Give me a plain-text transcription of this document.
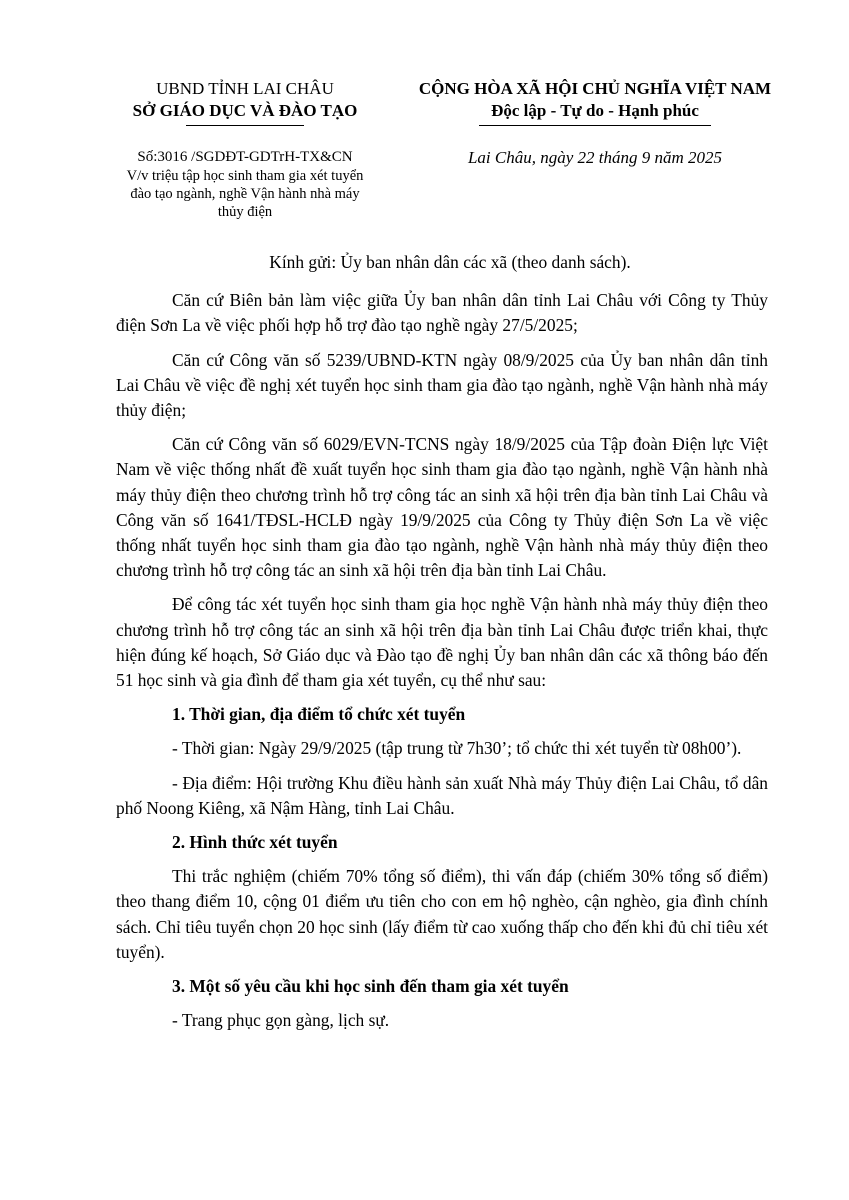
UBND TỈNH LAI CHÂU
SỞ GIÁO DỤC VÀ ĐÀO TẠO
CỘNG HÒA XÃ HỘI CHỦ NGHĨA VIỆT NAM
Độc lập - Tự do - Hạnh phúc
Số:3016 /SGDĐT-GDTrH-TX&CN
V/v triệu tập học sinh tham gia xét tuyển
đào tạo ngành, nghề Vận hành nhà máy
thủy điện
Lai Châu, ngày 22 tháng 9 năm 2025
Kính gửi: Ủy ban nhân dân các xã (theo danh sách).
Căn cứ Biên bản làm việc giữa Ủy ban nhân dân tỉnh Lai Châu với Công ty Thủy điện Sơn La về việc phối hợp hỗ trợ đào tạo nghề ngày 27/5/2025;
Căn cứ Công văn số 5239/UBND-KTN ngày 08/9/2025 của Ủy ban nhân dân tỉnh Lai Châu về việc đề nghị xét tuyển học sinh tham gia đào tạo ngành, nghề Vận hành nhà máy thủy điện;
Căn cứ Công văn số 6029/EVN-TCNS ngày 18/9/2025 của Tập đoàn Điện lực Việt Nam về việc thống nhất đề xuất tuyển học sinh tham gia đào tạo ngành, nghề Vận hành nhà máy thủy điện theo chương trình hỗ trợ công tác an sinh xã hội trên địa bàn tỉnh Lai Châu và Công văn số 1641/TĐSL-HCLĐ ngày 19/9/2025 của Công ty Thủy điện Sơn La về việc thống nhất tuyển học sinh tham gia đào tạo ngành, nghề Vận hành nhà máy thủy điện theo chương trình hỗ trợ công tác an sinh xã hội trên địa bàn tỉnh Lai Châu.
Để công tác xét tuyển học sinh tham gia học nghề Vận hành nhà máy thủy điện theo chương trình hỗ trợ công tác an sinh xã hội trên địa bàn tỉnh Lai Châu được triển khai, thực hiện đúng kế hoạch, Sở Giáo dục và Đào tạo đề nghị Ủy ban nhân dân các xã thông báo đến 51 học sinh và gia đình để tham gia xét tuyển, cụ thể như sau:
1. Thời gian, địa điểm tổ chức xét tuyển
- Thời gian: Ngày 29/9/2025 (tập trung từ 7h30’; tổ chức thi xét tuyển từ 08h00’).
- Địa điểm: Hội trường Khu điều hành sản xuất Nhà máy Thủy điện Lai Châu, tổ dân phố Noong Kiêng, xã Nậm Hàng, tỉnh Lai Châu.
2. Hình thức xét tuyển
Thi trắc nghiệm (chiếm 70% tổng số điểm), thi vấn đáp (chiếm 30% tổng số điểm) theo thang điểm 10, cộng 01 điểm ưu tiên cho con em hộ nghèo, cận nghèo, gia đình chính sách. Chỉ tiêu tuyển chọn 20 học sinh (lấy điểm từ cao xuống thấp cho đến khi đủ chỉ tiêu xét tuyển).
3. Một số yêu cầu khi học sinh đến tham gia xét tuyển
- Trang phục gọn gàng, lịch sự.
